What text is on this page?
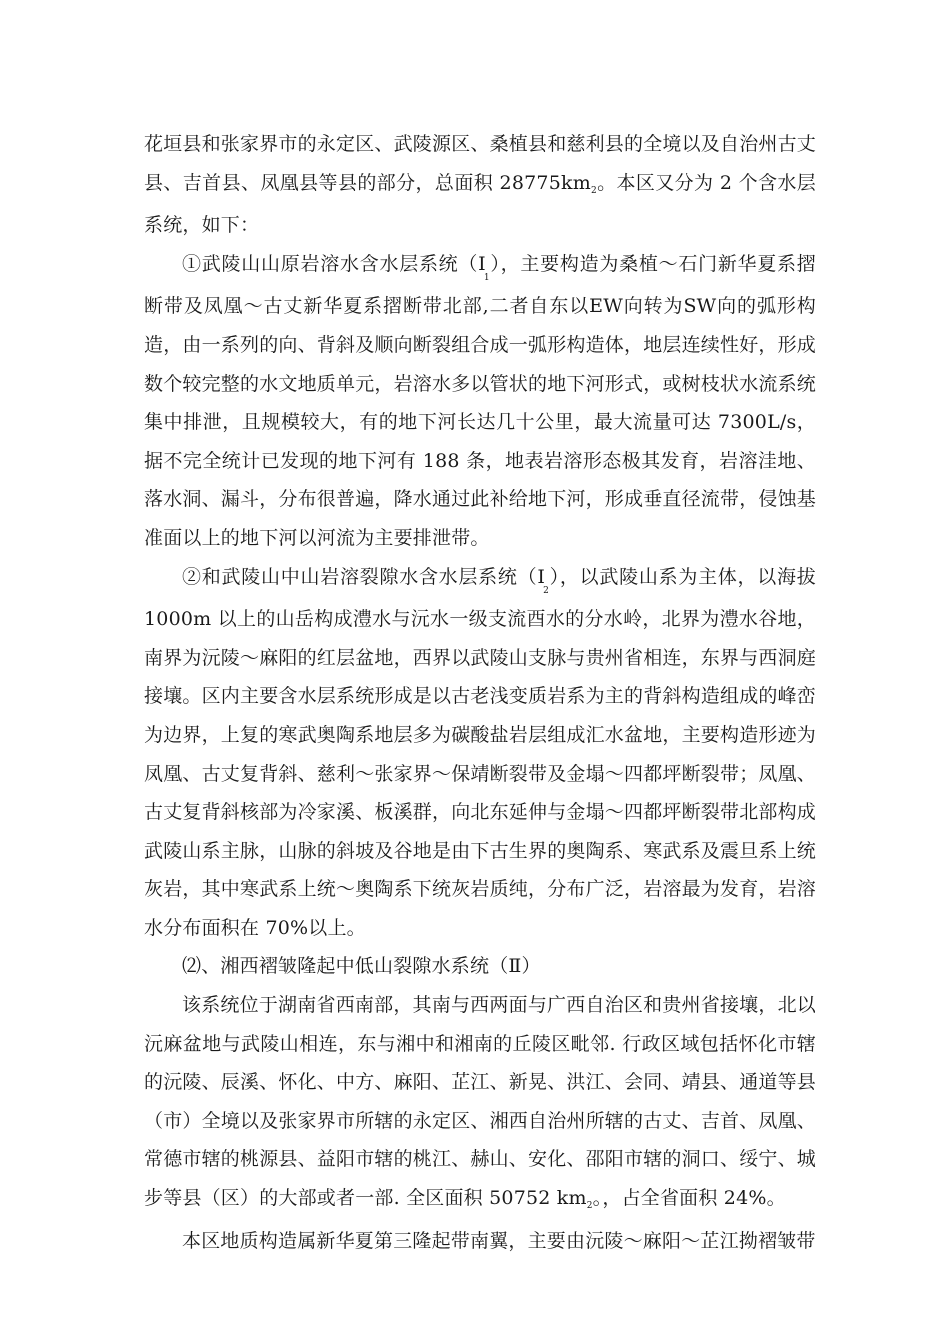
花垣县和张家界市的永定区、武陵源区、桑植县和慈利县的全境以及自治州古丈县、吉首县、凤凰县等县的部分，总面积 $28775km_2$。本区又分为 2 个含水层系统，如下：

①武陵山山原岩溶水含水层系统$(I_1)$，主要构造为桑植～石门新华夏系摺断带及凤凰～古丈新华夏系摺断带北部,二者自东以EW向转为SW向的弧形构造，由一系列的向、背斜及顺向断裂组合成一弧形构造体，地层连续性好，形成数个较完整的水文地质单元，岩溶水多以管状的地下河形式，或树枝状水流系统集中排泄，且规模较大，有的地下河长达几十公里，最大流量可达 7300L/s，据不完全统计已发现的地下河有 188 条，地表岩溶形态极其发育，岩溶洼地、落水洞、漏斗，分布很普遍，降水通过此补给地下河，形成垂直径流带，侵蚀基准面以上的地下河以河流为主要排泄带。

②和武陵山中山岩溶裂隙水含水层系统$(I_2)$，以武陵山系为主体，以海拔1000m 以上的山岳构成澧水与沅水一级支流酉水的分水岭，北界为澧水谷地，南界为沅陵～麻阳的红层盆地，西界以武陵山支脉与贵州省相连，东界与西洞庭接壤。区内主要含水层系统形成是以古老浅变质岩系为主的背斜构造组成的峰峦为边界，上复的寒武奥陶系地层多为碳酸盐岩层组成汇水盆地，主要构造形迹为凤凰、古丈复背斜、慈利～张家界～保靖断裂带及金塌～四都坪断裂带；凤凰、古丈复背斜核部为冷家溪、板溪群，向北东延伸与金塌～四都坪断裂带北部构成武陵山系主脉，山脉的斜坡及谷地是由下古生界的奥陶系、寒武系及震旦系上统灰岩，其中寒武系上统～奥陶系下统灰岩质纯，分布广泛，岩溶最为发育，岩溶水分布面积在 70%以上。

⑵、湘西褶皱隆起中低山裂隙水系统（Ⅱ）

该系统位于湖南省西南部，其南与西两面与广西自治区和贵州省接壤，北以沅麻盆地与武陵山相连，东与湘中和湘南的丘陵区毗邻. 行政区域包括怀化市辖的沅陵、辰溪、怀化、中方、麻阳、芷江、新晃、洪江、会同、靖县、通道等县（市）全境以及张家界市所辖的永定区、湘西自治州所辖的古丈、吉首、凤凰、常德市辖的桃源县、益阳市辖的桃江、赫山、安化、邵阳市辖的洞口、绥宁、城步等县（区）的大部或者一部. 全区面积 50752 $km_2$。，占全省面积 24%。

本区地质构造属新华夏第三隆起带南翼，主要由沅陵～麻阳～芷江拗褶皱带
